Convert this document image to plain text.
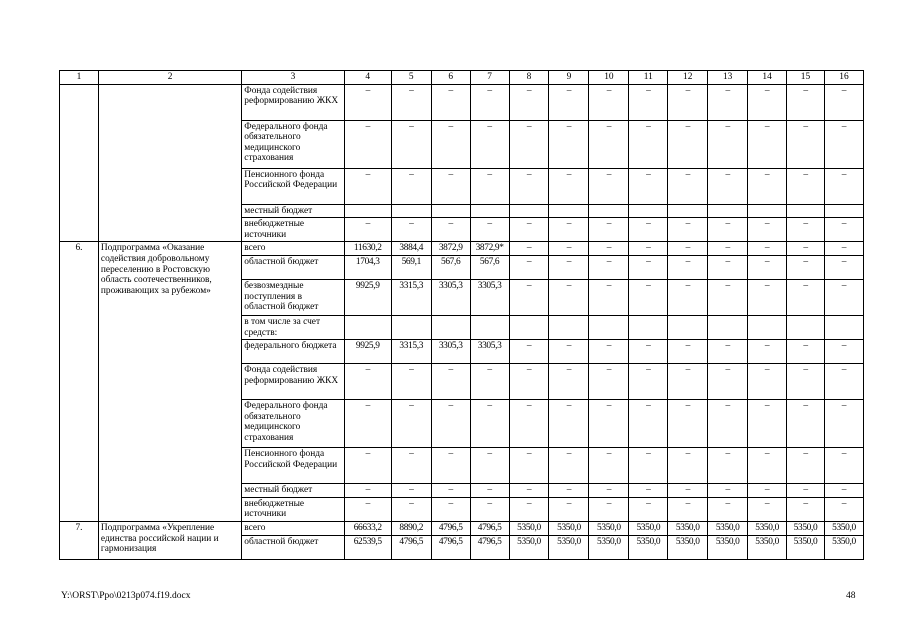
1	2	3	4	5	6	7	8	9	10	11	12	13	14	15	16
		Фонда содействия реформированию ЖКХ	–	–	–	–	–	–	–	–	–	–	–	–	–
		Федерального фонда обязательного медицинского страхования	–	–	–	–	–	–	–	–	–	–	–	–	–
		Пенсионного фонда Российской Федерации	–	–	–	–	–	–	–	–	–	–	–	–	–
		местный бюджет													
		внебюджетные источники	–	–	–	–	–	–	–	–	–	–	–	–	–
6.	Подпрограмма «Оказание содействия добровольному переселению в Ростовскую область соотечественников, проживающих за рубежом»	всего	11630,2	3884,4	3872,9	3872,9*	–	–	–	–	–	–	–	–	–
		областной бюджет	1704,3	569,1	567,6	567,6	–	–	–	–	–	–	–	–	–
		безвозмездные поступления в областной бюджет	9925,9	3315,3	3305,3	3305,3	–	–	–	–	–	–	–	–	–
		в том числе за счет средств:													
		федерального бюджета	9925,9	3315,3	3305,3	3305,3	–	–	–	–	–	–	–	–	–
		Фонда содействия реформированию ЖКХ	–	–	–	–	–	–	–	–	–	–	–	–	–
		Федерального фонда обязательного медицинского страхования	–	–	–	–	–	–	–	–	–	–	–	–	–
		Пенсионного фонда Российской Федерации	–	–	–	–	–	–	–	–	–	–	–	–	–
		местный бюджет	–	–	–	–	–	–	–	–	–	–	–	–	–
		внебюджетные источники	–	–	–	–	–	–	–	–	–	–	–	–	–
7.	Подпрограмма «Укрепление единства российской нации и гармонизация	всего	66633,2	8890,2	4796,5	4796,5	5350,0	5350,0	5350,0	5350,0	5350,0	5350,0	5350,0	5350,0	5350,0
		областной бюджет	62539,5	4796,5	4796,5	4796,5	5350,0	5350,0	5350,0	5350,0	5350,0	5350,0	5350,0	5350,0	5350,0
Y:\ORST\Ppo\0213p074.f19.docx	48
